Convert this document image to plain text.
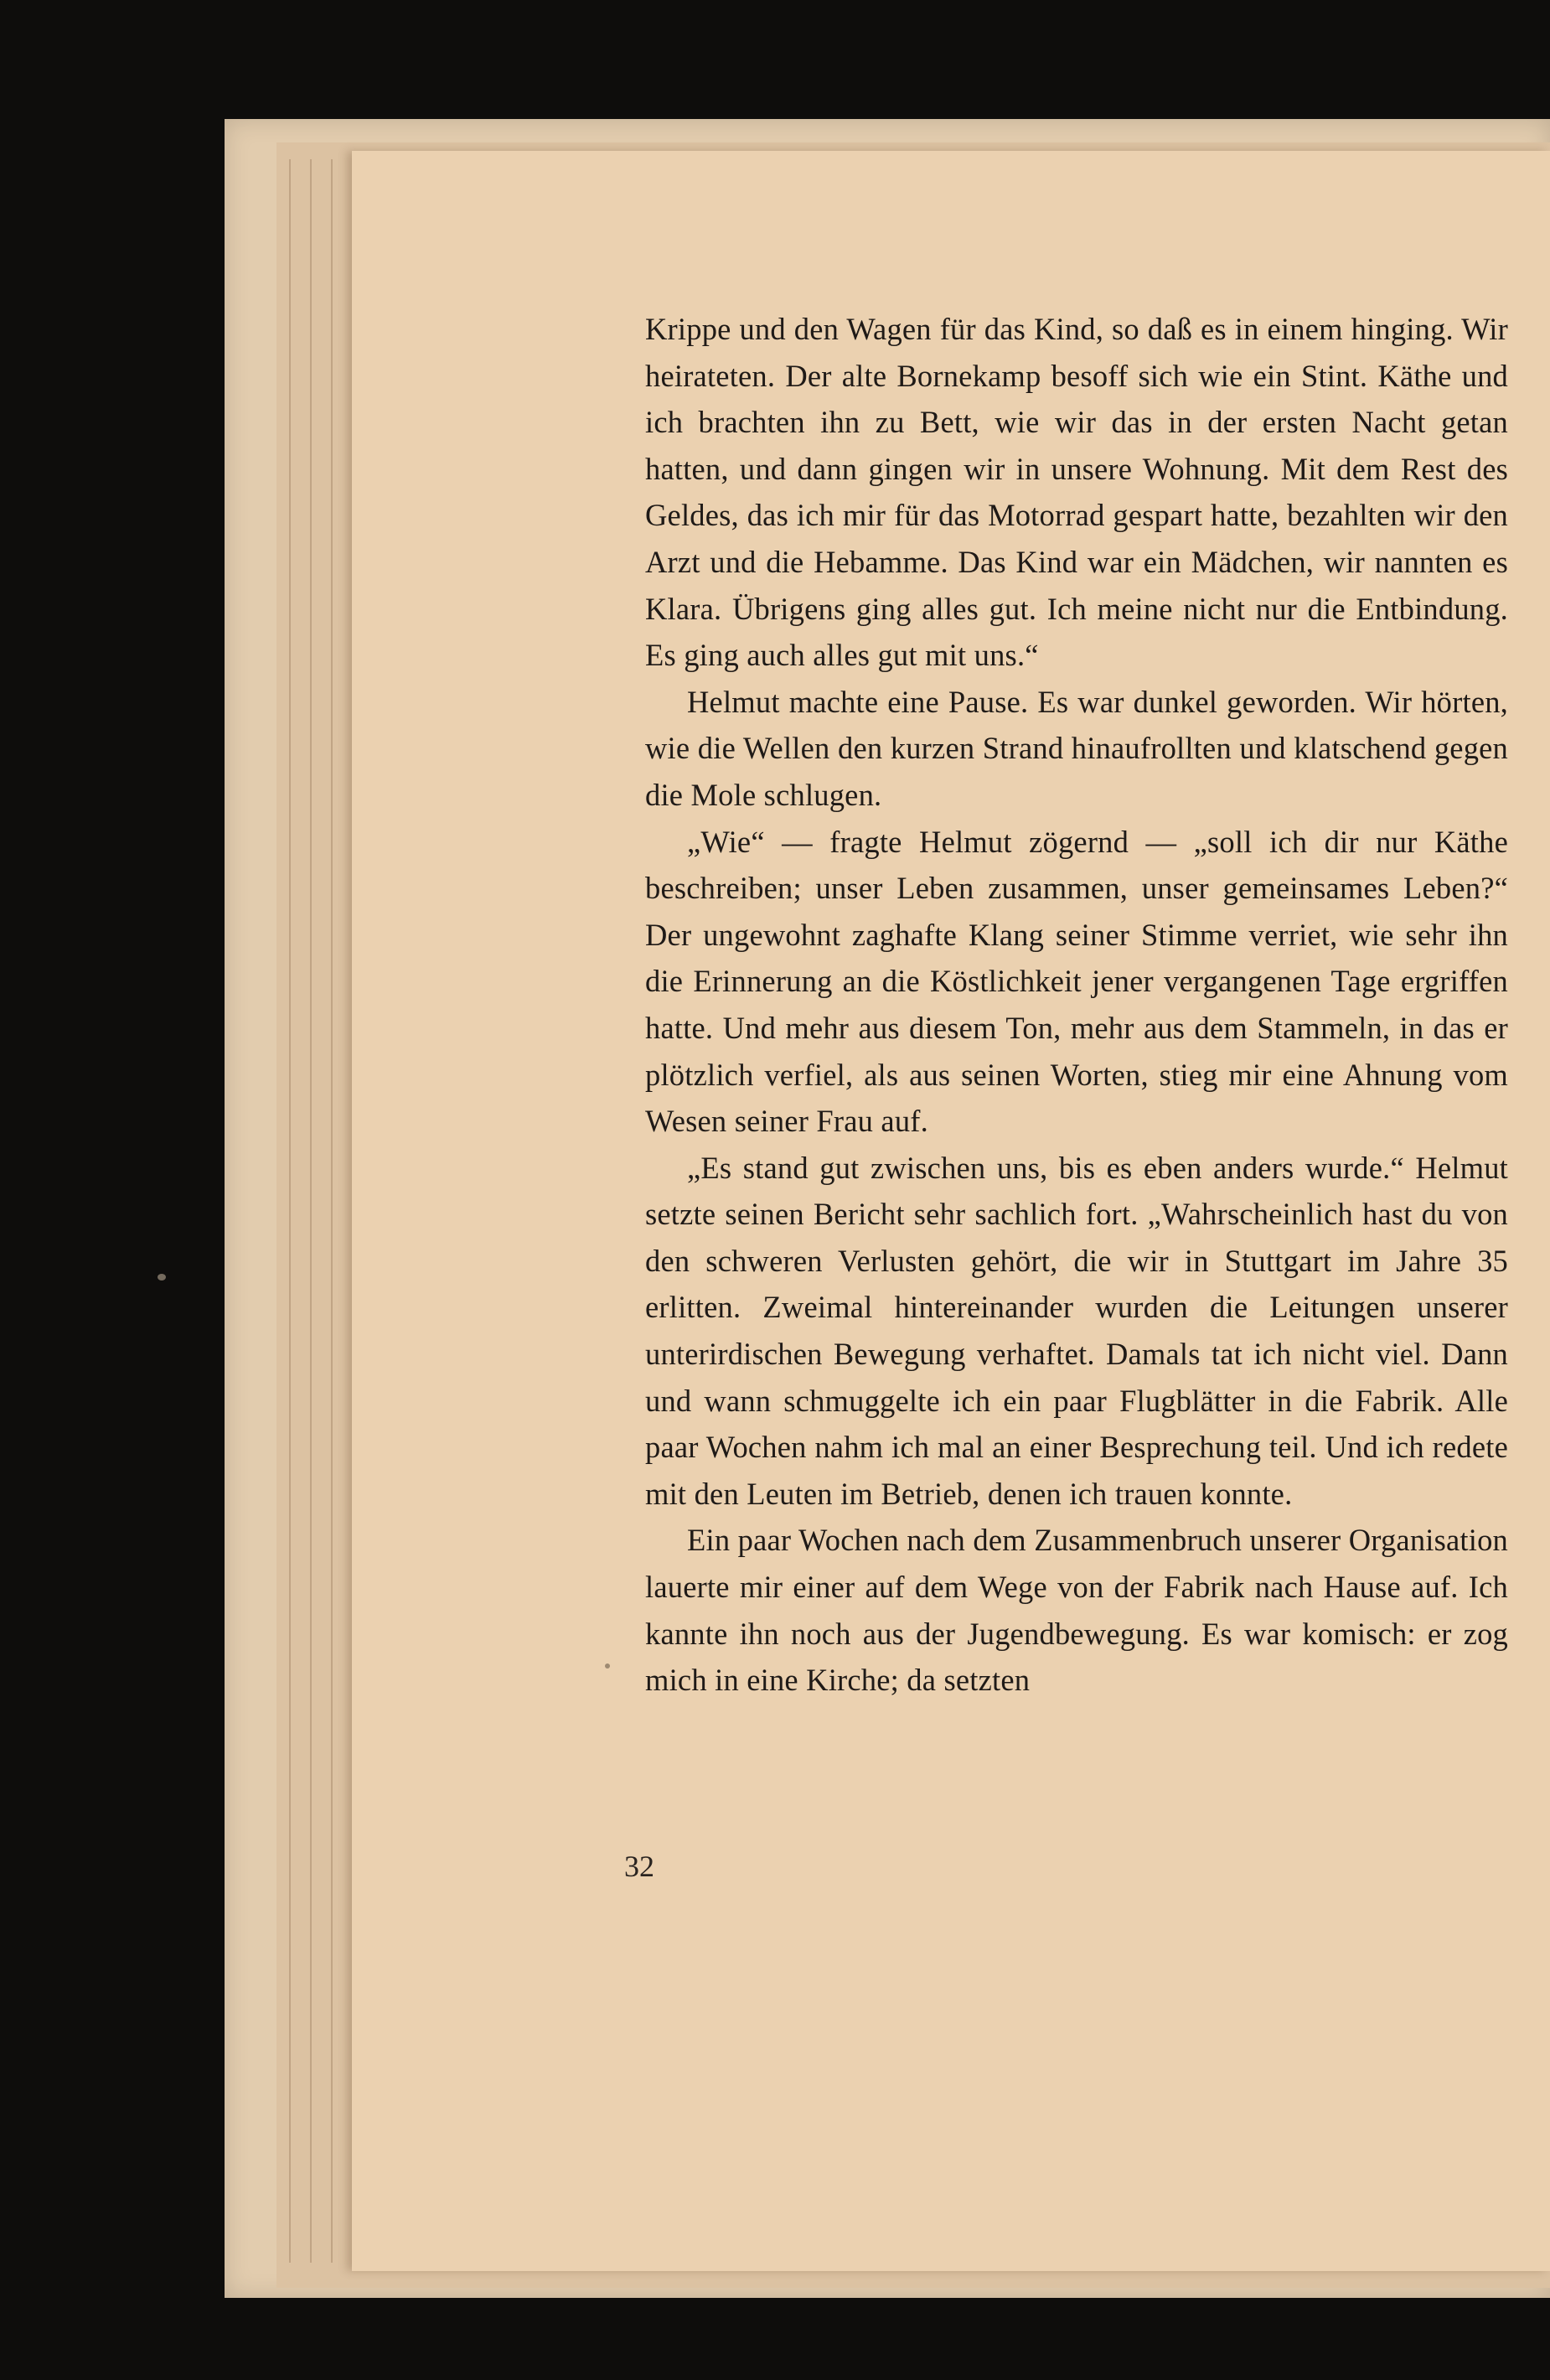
Krippe und den Wagen für das Kind, so daß es in einem hinging. Wir heirateten. Der alte Bornekamp besoff sich wie ein Stint. Käthe und ich brachten ihn zu Bett, wie wir das in der ersten Nacht getan hatten, und dann gingen wir in unsere Wohnung. Mit dem Rest des Geldes, das ich mir für das Motorrad gespart hatte, bezahlten wir den Arzt und die Hebamme. Das Kind war ein Mädchen, wir nannten es Klara. Übrigens ging alles gut. Ich meine nicht nur die Entbindung. Es ging auch alles gut mit uns.“

Helmut machte eine Pause. Es war dunkel geworden. Wir hörten, wie die Wellen den kurzen Strand hinaufrollten und klatschend gegen die Mole schlugen.

„Wie“ — fragte Helmut zögernd — „soll ich dir nur Käthe beschreiben; unser Leben zusammen, unser gemeinsames Leben?“ Der ungewohnt zaghafte Klang seiner Stimme verriet, wie sehr ihn die Erinnerung an die Köstlichkeit jener vergangenen Tage ergriffen hatte. Und mehr aus diesem Ton, mehr aus dem Stammeln, in das er plötzlich verfiel, als aus seinen Worten, stieg mir eine Ahnung vom Wesen seiner Frau auf.

„Es stand gut zwischen uns, bis es eben anders wurde.“ Helmut setzte seinen Bericht sehr sachlich fort. „Wahrscheinlich hast du von den schweren Verlusten gehört, die wir in Stuttgart im Jahre 35 erlitten. Zweimal hintereinander wurden die Leitungen unserer unterirdischen Bewegung verhaftet. Damals tat ich nicht viel. Dann und wann schmuggelte ich ein paar Flugblätter in die Fabrik. Alle paar Wochen nahm ich mal an einer Besprechung teil. Und ich redete mit den Leuten im Betrieb, denen ich trauen konnte.

Ein paar Wochen nach dem Zusammenbruch unserer Organisation lauerte mir einer auf dem Wege von der Fabrik nach Hause auf. Ich kannte ihn noch aus der Jugendbewegung. Es war komisch: er zog mich in eine Kirche; da setzten

32
